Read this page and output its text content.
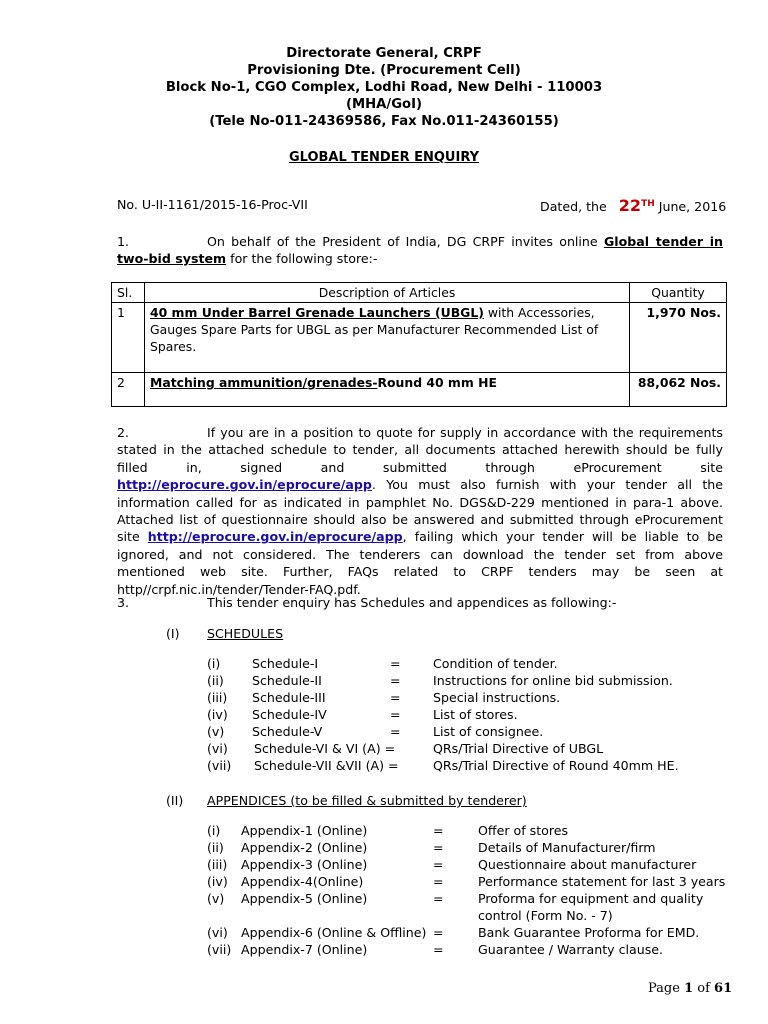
Directorate General, CRPF
Provisioning Dte. (Procurement Cell)
Block No-1, CGO Complex, Lodhi Road, New Delhi - 110003
(MHA/GoI)
(Tele No-011-24369586, Fax No.011-24360155)
GLOBAL TENDER ENQUIRY
No. U-II-1161/2015-16-Proc-VII	Dated, the 22TH June, 2016
1.	On behalf of the President of India, DG CRPF invites online Global tender in two-bid system for the following store:-
Sl.	Description of Articles	Quantity
1	40 mm Under Barrel Grenade Launchers (UBGL) with Accessories, Gauges Spare Parts for UBGL as per Manufacturer Recommended List of Spares.	1,970 Nos.
2	Matching ammunition/grenades-Round 40 mm HE	88,062 Nos.
2.	If you are in a position to quote for supply in accordance with the requirements stated in the attached schedule to tender, all documents attached herewith should be fully filled in, signed and submitted through eProcurement site http://eprocure.gov.in/eprocure/app. You must also furnish with your tender all the information called for as indicated in pamphlet No. DGS&D-229 mentioned in para-1 above. Attached list of questionnaire should also be answered and submitted through eProcurement site http://eprocure.gov.in/eprocure/app, failing which your tender will be liable to be ignored, and not considered. The tenderers can download the tender set from above mentioned web site. Further, FAQs related to CRPF tenders may be seen at http//crpf.nic.in/tender/Tender-FAQ.pdf.
3.	This tender enquiry has Schedules and appendices as following:-
(I) SCHEDULES
(i)	Schedule-I	=	Condition of tender.
(ii) Schedule-II	=	Instructions for online bid submission.
(iii) Schedule-III	=	Special instructions.
(iv) Schedule-IV	=	List of stores.
(v) Schedule-V	=	List of consignee.
(vi) Schedule-VI & VI (A) =	QRs/Trial Directive of UBGL
(vii) Schedule-VII &VII (A) =	QRs/Trial Directive of Round 40mm HE.
(II) APPENDICES (to be filled & submitted by tenderer)
(i) Appendix-1 (Online)	=	Offer of stores
(ii) Appendix-2 (Online)	=	Details of Manufacturer/firm
(iii) Appendix-3 (Online)	=	Questionnaire about manufacturer
(iv) Appendix-4(Online)	=	Performance statement for last 3 years
(v) Appendix-5 (Online)	=	Proforma for equipment and quality
control (Form No. - 7)
(vi) Appendix-6 (Online & Offline) =	Bank Guarantee Proforma for EMD.
(vii) Appendix-7 (Online)	=	Guarantee / Warranty clause.
Page 1 of 61
